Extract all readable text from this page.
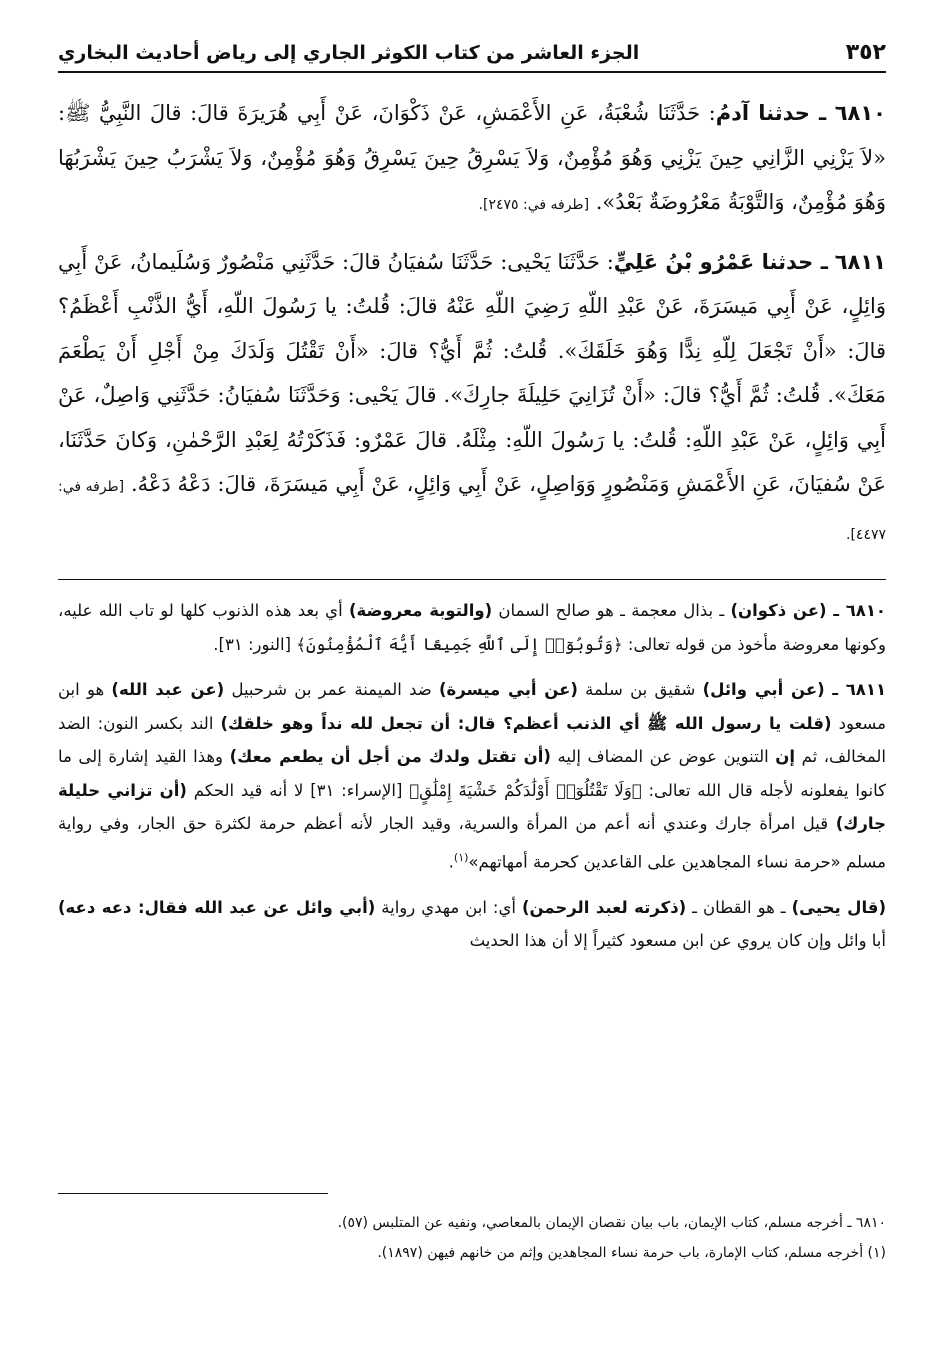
٣٥٢
الجزء العاشر من كتاب الكوثر الجاري إلى رياض أحاديث البخاري

٦٨١٠ ـ حدثنا آدمُ: حَدَّثَنَا شُعْبَةُ، عَنِ الأَعْمَشِ، عَنْ ذَكْوَانَ، عَنْ أَبِي هُرَيرَةَ قالَ: قالَ النَّبِيُّ ﷺ: «لاَ يَزْنِي الزَّانِي حِينَ يَزْنِي وَهُوَ مُؤْمِنٌ، وَلاَ يَسْرِقُ حِينَ يَسْرِقُ وَهُوَ مُؤْمِنٌ، وَلاَ يَشْرَبُ حِينَ يَشْرَبُهَا وَهُوَ مُؤْمِنٌ، وَالتَّوْبَةُ مَعْرُوضَةٌ بَعْدُ». [طرفه في: ٢٤٧٥].

٦٨١١ ـ حدثنا عَمْرُو بْنُ عَلِيٍّ: حَدَّثَنَا يَحْيى: حَدَّثَنَا سُفيَانُ قالَ: حَدَّثَنِي مَنْصُورٌ وَسُلَيمانُ، عَنْ أَبِي وَائِلٍ، عَنْ أَبِي مَيسَرَةَ، عَنْ عَبْدِ اللّهِ رَضِيَ اللّهِ عَنْهُ قالَ: قُلتُ: يا رَسُولَ اللّهِ، أَيُّ الذَّنْبِ أَعْظَمُ؟ قالَ: «أَنْ تَجْعَلَ لِلّهِ نِدًّا وَهُوَ خَلَقَكَ». قُلتُ: ثُمَّ أَيُّ؟ قالَ: «أَنْ تَقْتُلَ وَلَدَكَ مِنْ أَجْلِ أَنْ يَطْعَمَ مَعَكَ». قُلتُ: ثُمَّ أَيُّ؟ قالَ: «أَنْ تُزَانِيَ حَلِيلَةَ جارِكَ». قالَ يَحْيى: وَحَدَّثَنَا سُفيَانُ: حَدَّثَنِي وَاصِلٌ، عَنْ أَبِي وَائِلٍ، عَنْ عَبْدِ اللّهِ: قُلتُ: يا رَسُولَ اللّهِ: مِثْلَهُ. قالَ عَمْرٌو: فَذَكَرْتُهُ لِعَبْدِ الرَّحْمٰنِ، وَكانَ حَدَّثَنَا، عَنْ سُفيَانَ، عَنِ الأَعْمَشِ وَمَنْصُورٍ وَوَاصِلٍ، عَنْ أَبِي وَائِلٍ، عَنْ أَبِي مَيسَرَةَ، قالَ: دَعْهُ دَعْهُ. [طرفه في: ٤٤٧٧].

٦٨١٠ ـ (عن ذكوان) ـ بذال معجمة ـ هو صالح السمان (والتوبة معروضة) أي بعد هذه الذنوب كلها لو تاب الله عليه، وكونها معروضة مأخوذ من قوله تعالى: ﴿وَتُوبُوٓا۟ إِلَى ٱللَّهِ جَمِيعًا أَيُّهَ ٱلْمُؤْمِنُونَ﴾ [النور: ٣١].

٦٨١١ ـ (عن أبي وائل) شقيق بن سلمة (عن أبي ميسرة) ضد الميمنة عمر بن شرحبيل (عن عبد الله) هو ابن مسعود (قلت يا رسول الله ﷺ أي الذنب أعظم؟ قال: أن تجعل لله نداً وهو خلقك) الند بكسر النون: الضد المخالف، ثم إن التنوين عوض عن المضاف إليه (أن تقتل ولدك من أجل أن يطعم معك) وهذا القيد إشارة إلى ما كانوا يفعلونه لأجله قال الله تعالى: ﴿وَلَا تَقْتُلُوٓا۟ أَوْلَٰدَكُمْ خَشْيَةَ إِمْلَٰقٍ﴾ [الإسراء: ٣١] لا أنه قيد الحكم (أن تزاني حليلة جارك) قيل امرأة جارك وعندي أنه أعم من المرأة والسرية، وقيد الجار لأنه أعظم حرمة لكثرة حق الجار، وفي رواية مسلم «حرمة نساء المجاهدين على القاعدين كحرمة أمهاتهم»$^{(١)}$.

(قال يحيى) ـ هو القطان ـ (ذكرته لعبد الرحمن) أي: ابن مهدي رواية (أبي وائل عن عبد الله فقال: دعه دعه) أبا وائل وإن كان يروي عن ابن مسعود كثيراً إلا أن هذا الحديث

٦٨١٠ ـ أخرجه مسلم، كتاب الإيمان، باب بيان نقصان الإيمان بالمعاصي، ونفيه عن المتلبس (٥٧).
(١) أخرجه مسلم، كتاب الإمارة، باب حرمة نساء المجاهدين وإثم من خانهم فيهن (١٨٩٧).
